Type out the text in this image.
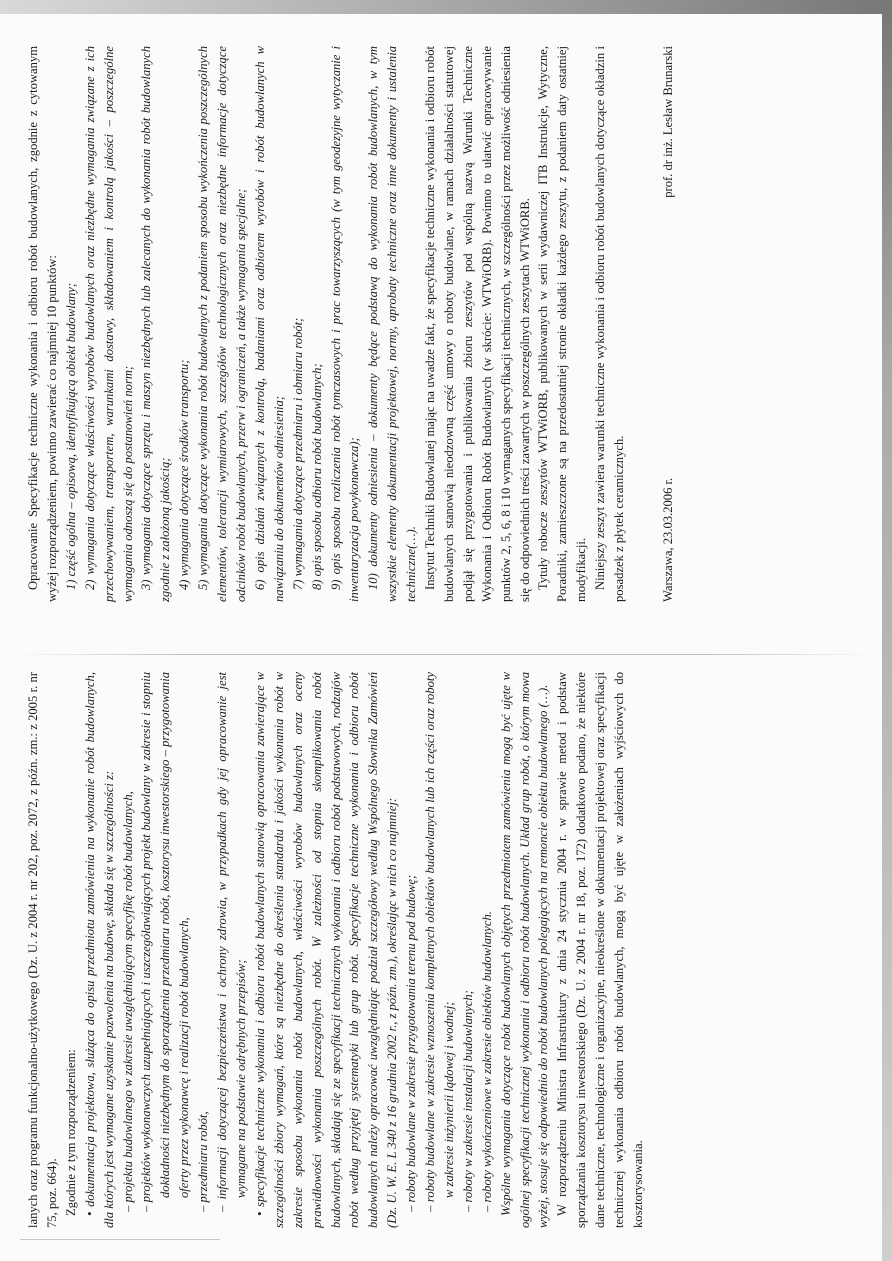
lanych oraz programu funkcjonalno-użytkowego (Dz. U. z 2004 r. nr 202, poz. 2072, z późn. zm.: z 2005 r. nr 75, poz. 664). Zgodnie z tym rozporządzeniem: • dokumentacja projektowa, służąca do opisu przedmiotu zamówienia na wykonanie robót budowlanych, dla których jest wymagane uzyskanie pozwolenia na budowę, składa się w szczególności z: – projektu budowlanego w zakresie uwzględniającym specyfikę robót budowlanych, – projektów wykonawczych uzupełniających i uszczegóławiających projekt budowlany w zakresie i stopniu dokładności niezbędnym do sporządzenia przedmiaru robót, kosztorysu inwestorskiego – przygotowania oferty przez wykonawcę i realizacji robót budowlanych, – przedmiaru robót, – informacji dotyczącej bezpieczeństwa i ochrony zdrowia, w przypadkach gdy jej opracowanie jest wymagane na podstawie odrębnych przepisów; • specyfikacje techniczne wykonania i odbioru robót budowlanych stanowią opracowania zawierające w szczególności zbiory wymagań, które są niezbędne do określenia standardu i jakości wykonania robót w zakresie sposobu wykonania robót budowlanych, właściwości wyrobów budowlanych oraz oceny prawidłowości wykonania poszczególnych robót. W zależności od stopnia skomplikowania robót budowlanych, składają się ze specyfikacji technicznych wykonania i odbioru robót podstawowych, rodzajów robót według przyjętej systematyki lub grup robót. Specyfikacje techniczne wykonania i odbioru robót budowlanych należy opracować uwzględniając podział szczegółowy według Wspólnego Słownika Zamówień (Dz. U. W. E. L 340 z 16 grudnia 2002 r., z późn. zm.), określając w nich co najmniej: – roboty budowlane w zakresie przygotowania terenu pod budowę; – roboty budowlane w zakresie wznoszenia kompletnych obiektów budowlanych lub ich części oraz roboty w zakresie inżynierii lądowej i wodnej; – roboty w zakresie instalacji budowlanych; – roboty wykończeniowe w zakresie obiektów budowlanych. Wspólne wymagania dotyczące robót budowlanych objętych przedmiotem zamówienia mogą być ujęte w ogólnej specyfikacji technicznej wykonania i odbioru robót budowlanych. Układ grup robót, o którym mowa wyżej, stosuje się odpowiednio do robót budowlanych polegających na remoncie obiektu budowlanego (…). W rozporządzeniu Ministra Infrastruktury z dnia 24 stycznia 2004 r. w sprawie metod i podstaw sporządzania kosztorysu inwestorskiego (Dz. U. z 2004 r. nr 18, poz. 172) dodatkowo podano, że niektóre dane techniczne, technologiczne i organizacyjne, nieokreślone w dokumentacji projektowej oraz specyfikacji technicznej wykonania odbioru robót budowlanych, mogą być ujęte w założeniach wyjściowych do kosztorysowania.

Opracowanie Specyfikacje techniczne wykonania i odbioru robót budowlanych, zgodnie z cytowanym wyżej rozporządzeniem, powinno zawierać co najmniej 10 punktów: 1) część ogólna – opisową, identyfikującą obiekt budowlany; 2) wymagania dotyczące właściwości wyrobów budowlanych oraz niezbędne wymagania związane z ich przechowywaniem, transportem, warunkami dostawy, składowaniem i kontrolą jakości – poszczególne wymagania odnoszą się do postanowień norm; 3) wymagania dotyczące sprzętu i maszyn niezbędnych lub zalecanych do wykonania robót budowlanych zgodnie z założoną jakością; 4) wymagania dotyczące środków transportu; 5) wymagania dotyczące wykonania robót budowlanych z podaniem sposobu wykończenia poszczególnych elementów, tolerancji wymiarowych, szczegółów technologicznych oraz niezbędne informacje dotyczące odcinków robót budowlanych, przerw i ograniczeń, a także wymagania specjalne; 6) opis działań związanych z kontrolą, badaniami oraz odbiorem wyrobów i robót budowlanych w nawiązaniu do dokumentów odniesienia; 7) wymagania dotyczące przedmiaru i obmiaru robót; 8) opis sposobu odbioru robót budowlanych; 9) opis sposobu rozliczenia robót tymczasowych i prac towarzyszących (w tym geodezyjne wytyczanie i inwentaryzacja powykonawcza); 10) dokumenty odniesienia – dokumenty będące podstawą do wykonania robót budowlanych, w tym wszystkie elementy dokumentacji projektowej, normy, aprobaty techniczne oraz inne dokumenty i ustalenia techniczne(…). Instytut Techniki Budowlanej mając na uwadze fakt, że specyfikacje techniczne wykonania i odbioru robót budowlanych stanowią nieodzowną część umowy o roboty budowlane, w ramach działalności statutowej podjął się przygotowania i publikowania zbioru zeszytów pod wspólną nazwą Warunki Techniczne Wykonania i Odbioru Robót Budowlanych (w skrócie: WTWiORB). Powinno to ułatwić opracowywanie punktów 2, 5, 6, 8 i 10 wymaganych specyfikacji technicznych, w szczególności przez możliwość odniesienia się do odpowiednich treści zawartych w poszczególnych zeszytach WTWiORB. Tytuły robocze zeszytów WTWiORB, publikowanych w serii wydawniczej ITB Instrukcje, Wytyczne, Poradniki, zamieszczone są na przedostatniej stronie okładki każdego zeszytu, z podaniem daty ostatniej modyfikacji. Niniejszy zeszyt zawiera warunki techniczne wykonania i odbioru robót budowlanych dotyczące okładzin i posadzek z płytek ceramicznych.	Warszawa, 23.03.2006 r.
prof. dr inż. Lesław Brunarski
